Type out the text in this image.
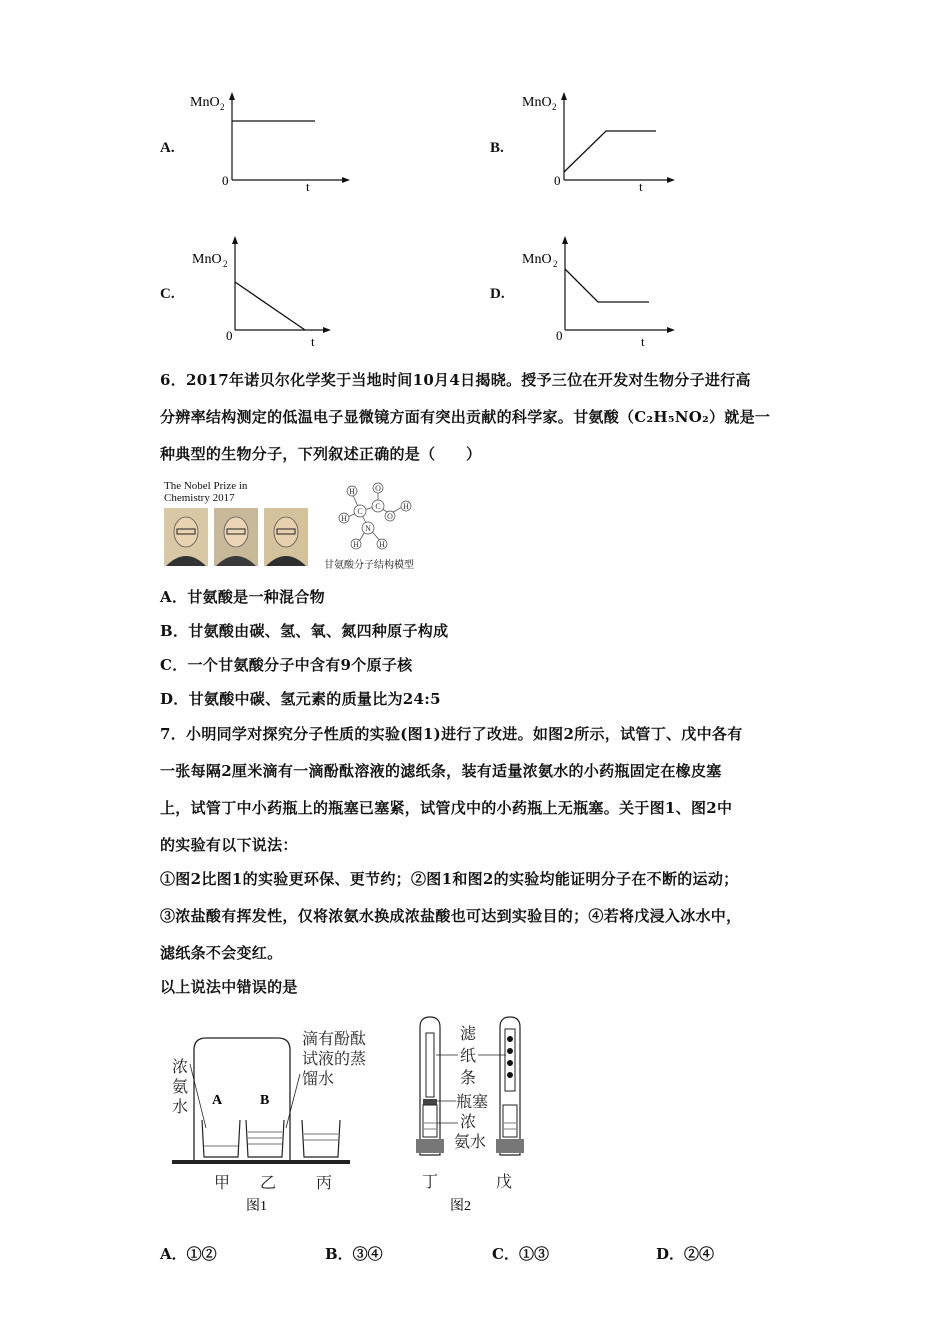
A.
MnO 2
0	t
B.
MnO 2
0	t
C.
MnO 2
0	t
D.
MnO 2
0	t
6．2017年诺贝尔化学奖于当地时间10月4日揭晓。授予三位在开发对生物分子进行高
分辨率结构测定的低温电子显微镜方面有突出贡献的科学家。甘氨酸（C₂H₅NO₂）就是一
种典型的生物分子，下列叙述正确的是（　　）
The Nobel Prize in
Chemistry 2017
H
H
C
O
C
O
H
H
N
H
甘氨酸分子结构模型
A．甘氨酸是一种混合物
B．甘氨酸由碳、氢、氧、氮四种原子构成
C．一个甘氨酸分子中含有9个原子核
D．甘氨酸中碳、氢元素的质量比为24:5
7．小明同学对探究分子性质的实验(图1)进行了改进。如图2所示，试管丁、戊中各有
一张每隔2厘米滴有一滴酚酞溶液的滤纸条，装有适量浓氨水的小药瓶固定在橡皮塞
上，试管丁中小药瓶上的瓶塞已塞紧，试管戊中的小药瓶上无瓶塞。关于图1、图2中
的实验有以下说法：
①图2比图1的实验更环保、更节约；②图1和图2的实验均能证明分子在不断的运动；
③浓盐酸有挥发性，仅将浓氨水换成浓盐酸也可达到实验目的；④若将戊浸入冰水中，
滤纸条不会变红。
以上说法中错误的是
浓
氨
水
滴有酚酞
试液的蒸
馏水
A	B
甲 乙 丙
图1
滤
纸
条
瓶塞
浓
氨水
丁	戊
图2
A．①②	B．③④	C．①③	D．②④
